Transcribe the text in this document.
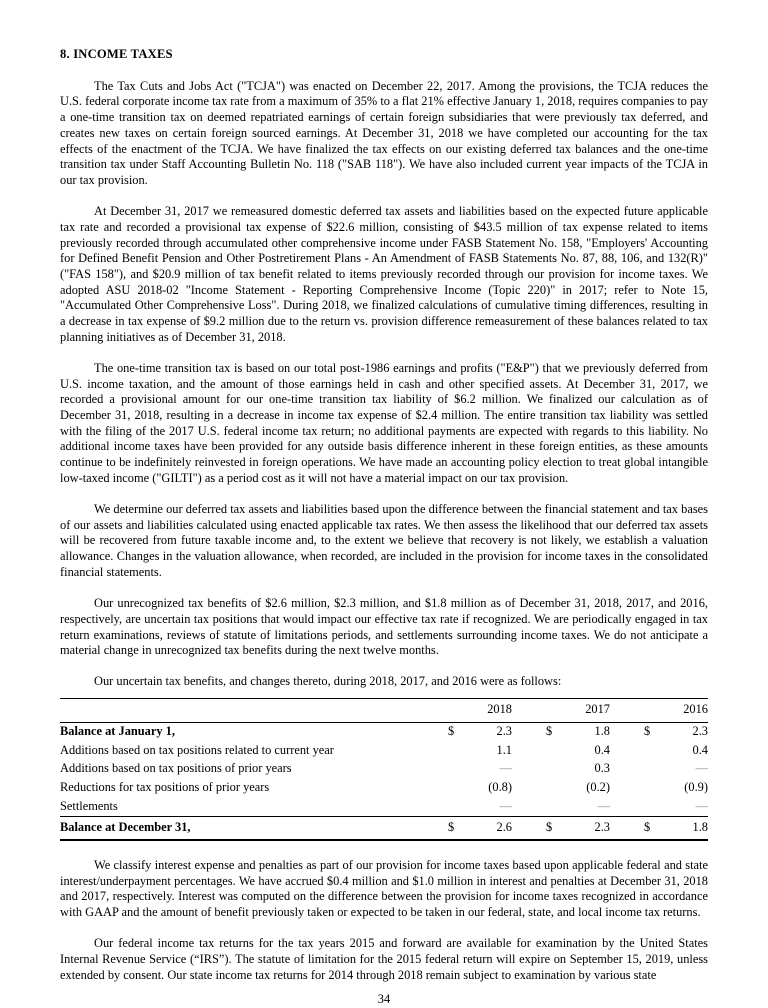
8. INCOME TAXES

The Tax Cuts and Jobs Act ("TCJA") was enacted on December 22, 2017. Among the provisions, the TCJA reduces the U.S. federal corporate income tax rate from a maximum of 35% to a flat 21% effective January 1, 2018, requires companies to pay a one-time transition tax on deemed repatriated earnings of certain foreign subsidiaries that were previously tax deferred, and creates new taxes on certain foreign sourced earnings. At December 31, 2018 we have completed our accounting for the tax effects of the enactment of the TCJA. We have finalized the tax effects on our existing deferred tax balances and the one-time transition tax under Staff Accounting Bulletin No. 118 ("SAB 118"). We have also included current year impacts of the TCJA in our tax provision.

At December 31, 2017 we remeasured domestic deferred tax assets and liabilities based on the expected future applicable tax rate and recorded a provisional tax expense of $22.6 million, consisting of $43.5 million of tax expense related to items previously recorded through accumulated other comprehensive income under FASB Statement No. 158, "Employers' Accounting for Defined Benefit Pension and Other Postretirement Plans - An Amendment of FASB Statements No. 87, 88, 106, and 132(R)" ("FAS 158"), and $20.9 million of tax benefit related to items previously recorded through our provision for income taxes. We adopted ASU 2018-02 "Income Statement - Reporting Comprehensive Income (Topic 220)" in 2017; refer to Note 15, "Accumulated Other Comprehensive Loss". During 2018, we finalized calculations of cumulative timing differences, resulting in a decrease in tax expense of $9.2 million due to the return vs. provision difference remeasurement of these balances related to tax planning initiatives as of December 31, 2018.

The one-time transition tax is based on our total post-1986 earnings and profits ("E&P") that we previously deferred from U.S. income taxation, and the amount of those earnings held in cash and other specified assets. At December 31, 2017, we recorded a provisional amount for our one-time transition tax liability of $6.2 million. We finalized our calculation as of December 31, 2018, resulting in a decrease in income tax expense of $2.4 million. The entire transition tax liability was settled with the filing of the 2017 U.S. federal income tax return; no additional payments are expected with regards to this liability. No additional income taxes have been provided for any outside basis difference inherent in these foreign entities, as these amounts continue to be indefinitely reinvested in foreign operations. We have made an accounting policy election to treat global intangible low-taxed income ("GILTI") as a period cost as it will not have a material impact on our tax provision.

We determine our deferred tax assets and liabilities based upon the difference between the financial statement and tax bases of our assets and liabilities calculated using enacted applicable tax rates. We then assess the likelihood that our deferred tax assets will be recovered from future taxable income and, to the extent we believe that recovery is not likely, we establish a valuation allowance. Changes in the valuation allowance, when recorded, are included in the provision for income taxes in the consolidated financial statements.

Our unrecognized tax benefits of $2.6 million, $2.3 million, and $1.8 million as of December 31, 2018, 2017, and 2016, respectively, are uncertain tax positions that would impact our effective tax rate if recognized. We are periodically engaged in tax return examinations, reviews of statute of limitations periods, and settlements surrounding income taxes. We do not anticipate a material change in unrecognized tax benefits during the next twelve months.

Our uncertain tax benefits, and changes thereto, during 2018, 2017, and 2016 were as follows:

	2018		2017		2016	
Balance at January 1,	$	2.3	$	1.8	$	2.3
Additions based on tax positions related to current year		1.1		0.4		0.4
Additions based on tax positions of prior years		—		0.3		—
Reductions for tax positions of prior years		(0.8)		(0.2)		(0.9)
Settlements		—		—		—
Balance at December 31,	$	2.6	$	2.3	$	1.8

We classify interest expense and penalties as part of our provision for income taxes based upon applicable federal and state interest/underpayment percentages. We have accrued $0.4 million and $1.0 million in interest and penalties at December 31, 2018 and 2017, respectively. Interest was computed on the difference between the provision for income taxes recognized in accordance with GAAP and the amount of benefit previously taken or expected to be taken in our federal, state, and local income tax returns.

Our federal income tax returns for the tax years 2015 and forward are available for examination by the United States Internal Revenue Service (“IRS”). The statute of limitation for the 2015 federal return will expire on September 15, 2019, unless extended by consent. Our state income tax returns for 2014 through 2018 remain subject to examination by various state

34
